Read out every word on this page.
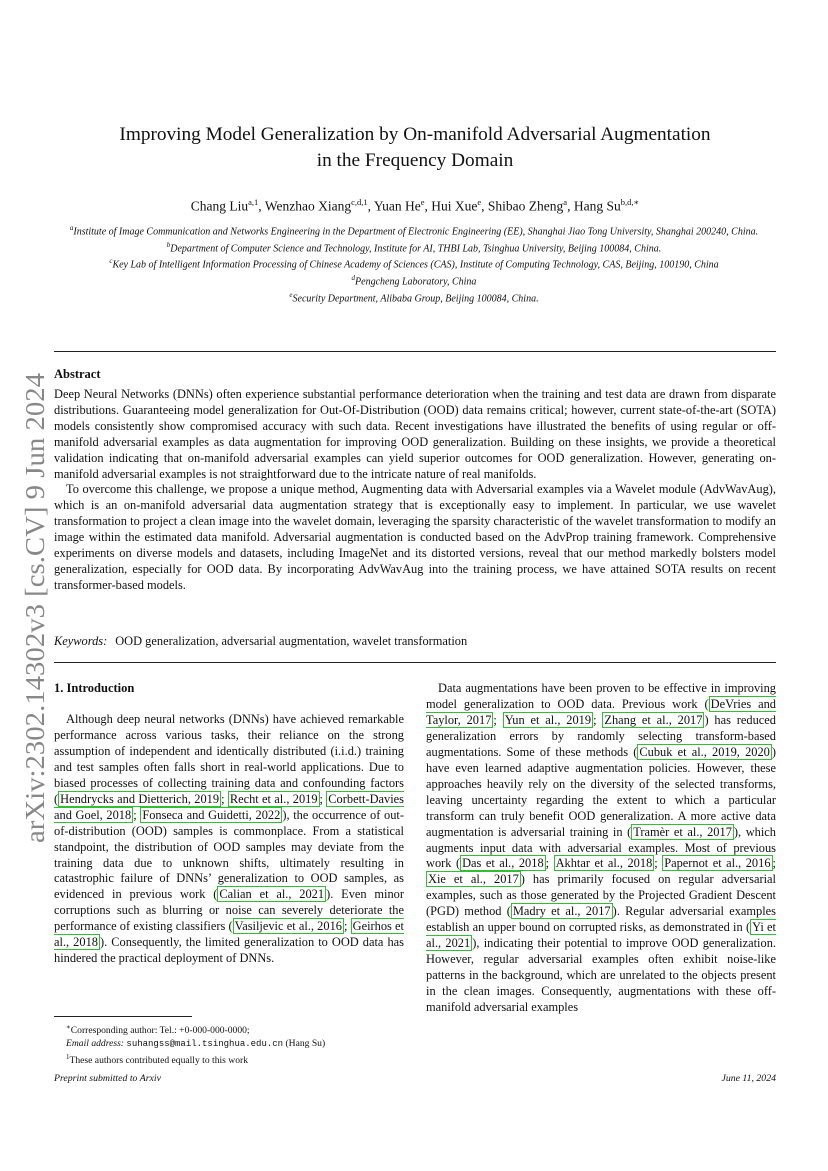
arXiv:2302.14302v3 [cs.CV] 9 Jun 2024
Improving Model Generalization by On-manifold Adversarial Augmentation
in the Frequency Domain
Chang Liu$^{a,1}$, Wenzhao Xiang$^{c,d,1}$, Yuan He$^e$, Hui Xue$^e$, Shibao Zheng$^a$, Hang $Su^{b,d,∗}$
$^a$Institute of Image Communication and Networks Engineering in the Department of Electronic Engineering (EE), Shanghai Jiao Tong University, Shanghai 200240, China.
$^b$Department of Computer Science and Technology, Institute for AI, THBI Lab, Tsinghua University, Beijing 100084, China.
$^c$Key Lab of Intelligent Information Processing of Chinese Academy of Sciences (CAS), Institute of Computing Technology, CAS, Beijing, 100190, China
$^d$Pengcheng Laboratory, China
$^e$Security Department, Alibaba Group, Beijing 100084, China.
Abstract

Deep Neural Networks (DNNs) often experience substantial performance deterioration when the training and test data are drawn from disparate distributions. Guaranteeing model generalization for Out-Of-Distribution (OOD) data remains critical; however, current state-of-the-art (SOTA) models consistently show compromised accuracy with such data. Recent investigations have illustrated the benefits of using regular or off-manifold adversarial examples as data augmentation for improving OOD generalization. Building on these insights, we provide a theoretical validation indicating that on-manifold adversarial examples can yield superior outcomes for OOD generalization. However, generating on-manifold adversarial examples is not straightforward due to the intricate nature of real manifolds.

To overcome this challenge, we propose a unique method, Augmenting data with Adversarial examples via a Wavelet module (AdvWavAug), which is an on-manifold adversarial data augmentation strategy that is exceptionally easy to implement. In particular, we use wavelet transformation to project a clean image into the wavelet domain, leveraging the sparsity characteristic of the wavelet transformation to modify an image within the estimated data manifold. Adversarial augmentation is conducted based on the AdvProp training framework. Comprehensive experiments on diverse models and datasets, including ImageNet and its distorted versions, reveal that our method markedly bolsters model generalization, especially for OOD data. By incorporating AdvWavAug into the training process, we have attained SOTA results on recent transformer-based models.

Keywords: OOD generalization, adversarial augmentation, wavelet transformation
1. Introduction

Although deep neural networks (DNNs) have achieved remarkable performance across various tasks, their reliance on the strong assumption of independent and identically distributed (i.i.d.) training and test samples often falls short in real-world applications. Due to biased processes of collecting training data and confounding factors ( Hendrycks and Dietterich, 2019 ; Recht et al., 2019 ; Corbett-Davies and Goel, 2018 ; Fonseca and Guidetti, 2022 ), the occurrence of out-of-distribution (OOD) samples is commonplace. From a statistical standpoint, the distribution of OOD samples may deviate from the training data due to unknown shifts, ultimately resulting in catastrophic failure of DNNs’ generalization to OOD samples, as evidenced in previous work ( Calian et al., 2021 ). Even minor corruptions such as blurring or noise can severely deteriorate the performance of existing classifiers ( Vasiljevic et al., 2016 ; Geirhos et al., 2018 ). Consequently, the limited generalization to OOD data has hindered the practical deployment of DNNs.

Data augmentations have been proven to be effective in improving model generalization to OOD data. Previous work ( DeVries and Taylor, 2017 ; Yun et al., 2019 ; Zhang et al., 2017 ) has reduced generalization errors by randomly selecting transform-based augmentations. Some of these methods ( Cubuk et al., 2019, 2020 ) have even learned adaptive augmentation policies. However, these approaches heavily rely on the diversity of the selected transforms, leaving uncertainty regarding the extent to which a particular transform can truly benefit OOD generalization. A more active data augmentation is adversarial training in ( Tramèr et al., 2017 ), which augments input data with adversarial examples. Most of previous work ( Das et al., 2018 ; Akhtar et al., 2018 ; Papernot et al., 2016 ; Xie et al., 2017 ) has primarily focused on regular adversarial examples, such as those generated by the Projected Gradient Descent (PGD) method ( Madry et al., 2017 ). Regular adversarial examples establish an upper bound on corrupted risks, as demonstrated in ( Yi et al., 2021 ), indicating their potential to improve OOD generalization. However, regular adversarial examples often exhibit noise-like patterns in the background, which are unrelated to the objects present in the clean images. Consequently, augmentations with these off-manifold adversarial examples

∗Corresponding author: Tel.: +0-000-000-0000;
Email address: suhangss@mail.tsinghua.edu.cn (Hang Su)
$^1$These authors contributed equally to this work
Preprint submitted to Arxiv	June 11, 2024
